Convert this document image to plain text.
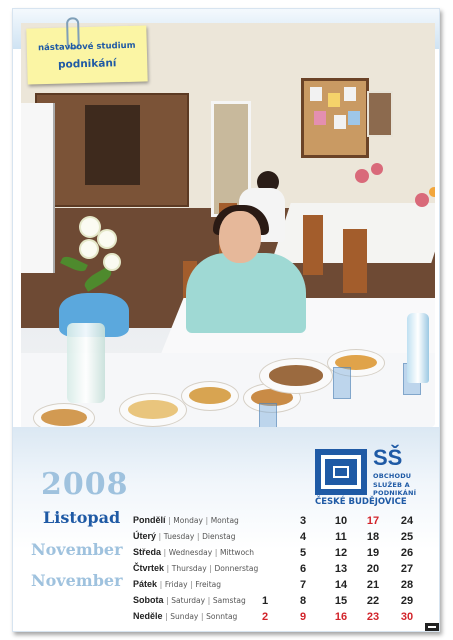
nástavbové studium
podnikání
2008
Listopad
November
November
SŠ
OBCHODU
SLUŽEB A PODNIKÁNÍ
ČESKÉ BUDĚJOVICE
Pondělí | Monday | Montag
Úterý | Tuesday | Dienstag
Středa | Wednesday | Mittwoch
Čtvrtek | Thursday | Donnerstag
Pátek | Friday | Freitag
Sobota | Saturday | Samstag
Neděle | Sunday | Sonntag
1
2
3
4
5
6
7
8
9
10
11
12
13
14
15
16
17
18
19
20
21
22
23
24
25
26
27
28
29
30
